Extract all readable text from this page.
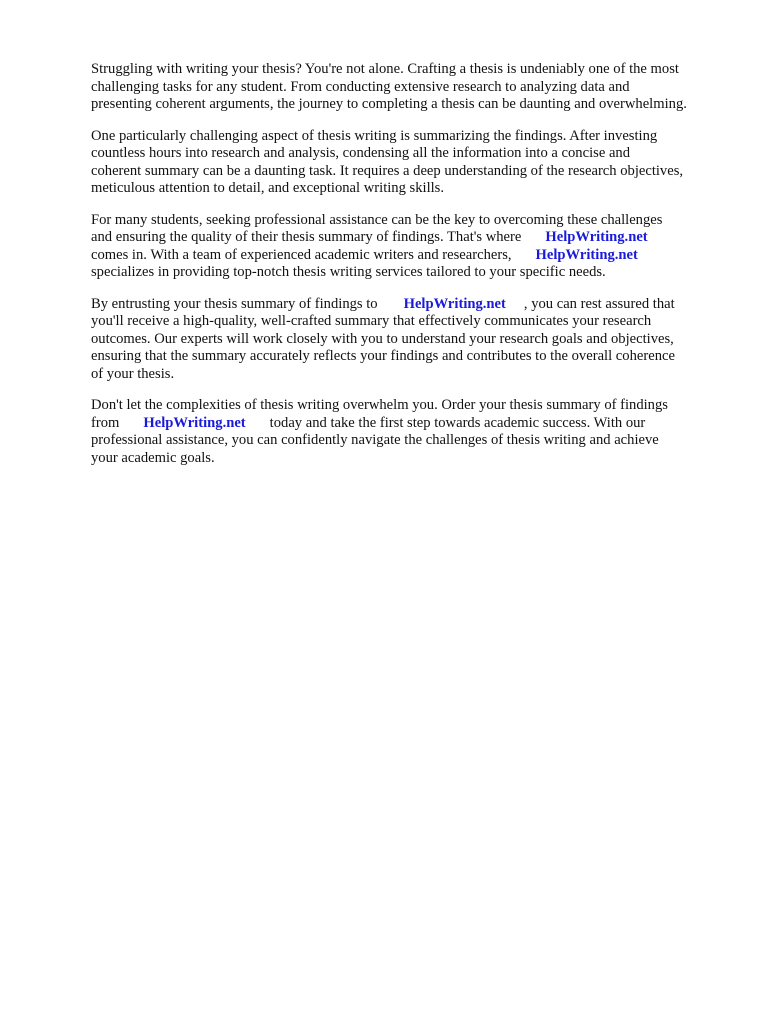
Struggling with writing your thesis? You're not alone. Crafting a thesis is undeniably one of the most
challenging tasks for any student. From conducting extensive research to analyzing data and
presenting coherent arguments, the journey to completing a thesis can be daunting and overwhelming.
One particularly challenging aspect of thesis writing is summarizing the findings. After investing
countless hours into research and analysis, condensing all the information into a concise and
coherent summary can be a daunting task. It requires a deep understanding of the research objectives,
meticulous attention to detail, and exceptional writing skills.
For many students, seeking professional assistance can be the key to overcoming these challenges
and ensuring the quality of their thesis summary of findings. That's where HelpWriting.net
comes in. With a team of experienced academic writers and researchers, HelpWriting.net
specializes in providing top-notch thesis writing services tailored to your specific needs.
By entrusting your thesis summary of findings to HelpWriting.net , you can rest assured that
you'll receive a high-quality, well-crafted summary that effectively communicates your research
outcomes. Our experts will work closely with you to understand your research goals and objectives,
ensuring that the summary accurately reflects your findings and contributes to the overall coherence
of your thesis.
Don't let the complexities of thesis writing overwhelm you. Order your thesis summary of findings
from HelpWriting.net today and take the first step towards academic success. With our
professional assistance, you can confidently navigate the challenges of thesis writing and achieve
your academic goals.
